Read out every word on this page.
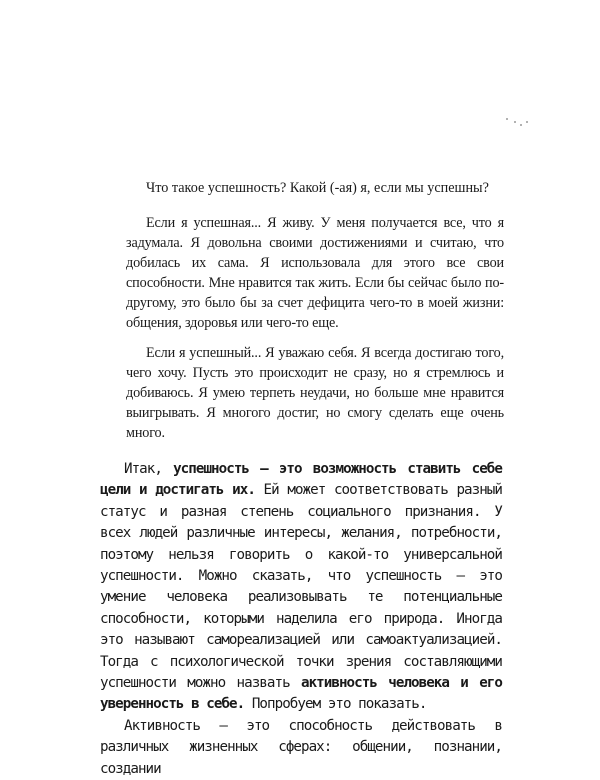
Что такое успешность? Какой (-ая) я, если мы успешны?

Если я успешная... Я живу. У меня получается все, что я задумала. Я довольна своими достижениями и считаю, что добилась их сама. Я использовала для этого все свои способности. Мне нравится так жить. Если бы сейчас было по-другому, это было бы за счет дефицита чего-то в моей жизни: общения, здоровья или чего-то еще.

Если я успешный... Я уважаю себя. Я всегда достигаю того, чего хочу. Пусть это происходит не сразу, но я стремлюсь и добиваюсь. Я умею терпеть неудачи, но больше мне нравится выигрывать. Я многого достиг, но смогу сделать еще очень много.

Итак, успешность — это возможность ставить себе цели и достигать их. Ей может соответствовать разный статус и разная степень социального признания. У всех людей различные интересы, желания, потребности, поэтому нельзя говорить о какой-то универсальной успешности. Можно сказать, что успешность — это умение человека реализовывать те потенциальные способности, которыми наделила его природа. Иногда это называют самореализацией или самоактуализацией. Тогда с психологической точки зрения составляющими успешности можно назвать активность человека и его уверенность в себе. Попробуем это показать.

Активность — это способность действовать в различных жизненных сферах: общении, познании, создании
